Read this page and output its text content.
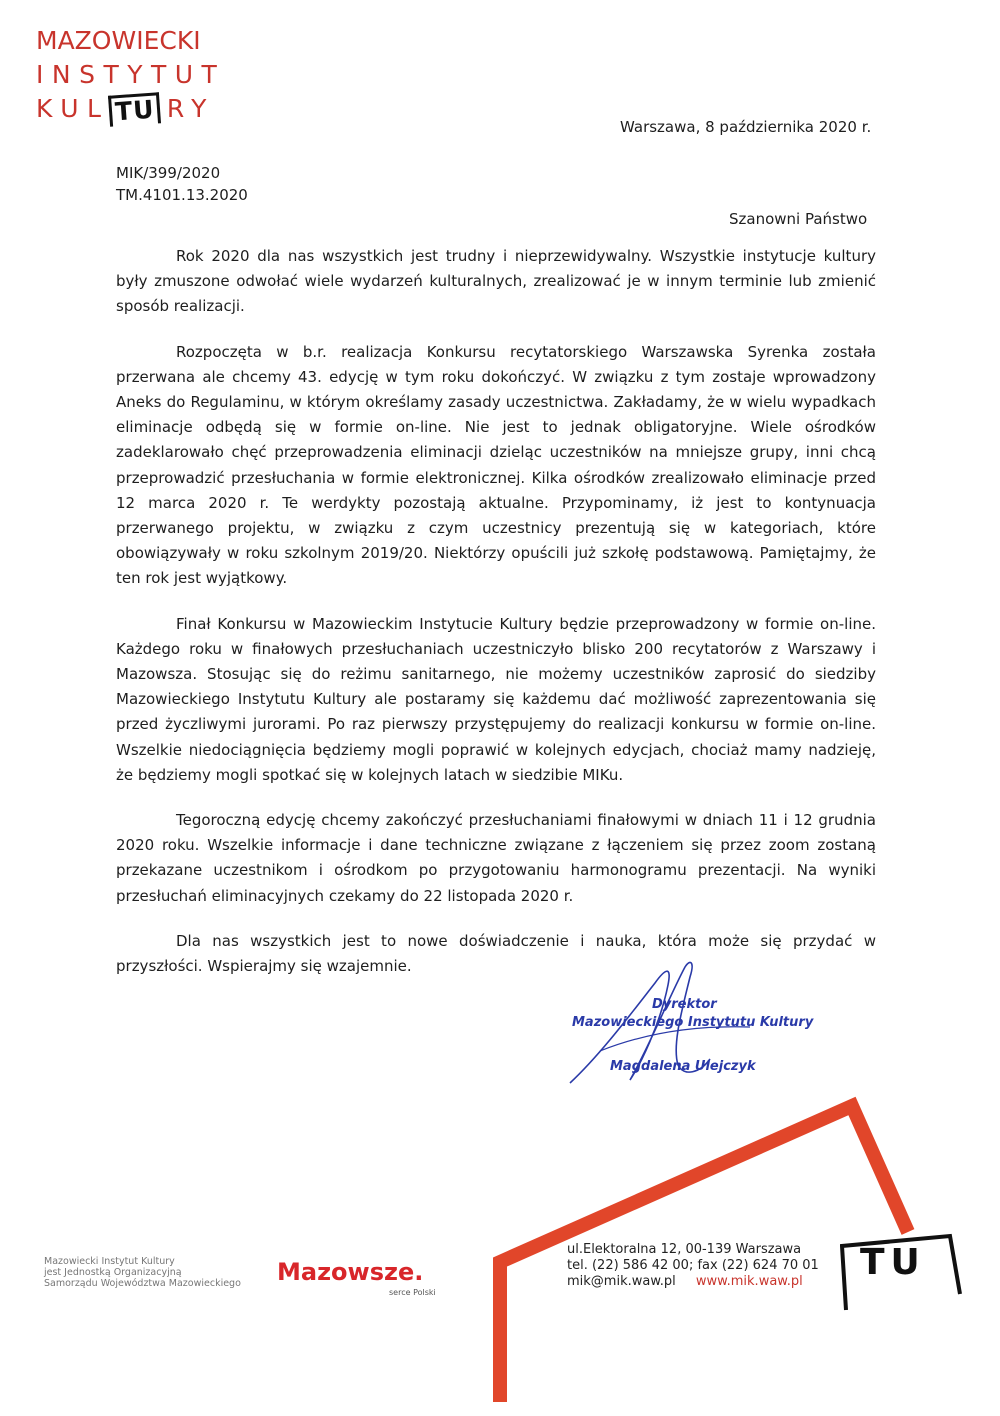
MAZOWIECKI
INSTYTUT
KUL TU RY
Warszawa, 8 października 2020 r.
MIK/399/2020
TM.4101.13.2020
Szanowni Państwo

Rok 2020 dla nas wszystkich jest trudny i nieprzewidywalny. Wszystkie instytucje kultury były zmuszone odwołać wiele wydarzeń kulturalnych, zrealizować je w innym terminie lub zmienić sposób realizacji.

Rozpoczęta w b.r. realizacja Konkursu recytatorskiego Warszawska Syrenka została przerwana ale chcemy 43. edycję w tym roku dokończyć. W związku z tym zostaje wprowadzony Aneks do Regulaminu, w którym określamy zasady uczestnictwa. Zakładamy, że w wielu wypadkach eliminacje odbędą się w formie on-line. Nie jest to jednak obligatoryjne. Wiele ośrodków zadeklarowało chęć przeprowadzenia eliminacji dzieląc uczestników na mniejsze grupy, inni chcą przeprowadzić przesłuchania w formie elektronicznej. Kilka ośrodków zrealizowało eliminacje przed 12 marca 2020 r. Te werdykty pozostają aktualne. Przypominamy, iż jest to kontynuacja przerwanego projektu, w związku z czym uczestnicy prezentują się w kategoriach, które obowiązywały w roku szkolnym 2019/20. Niektórzy opuścili już szkołę podstawową. Pamiętajmy, że ten rok jest wyjątkowy.

Finał Konkursu w Mazowieckim Instytucie Kultury będzie przeprowadzony w formie on-line. Każdego roku w finałowych przesłuchaniach uczestniczyło blisko 200 recytatorów z Warszawy i Mazowsza. Stosując się do reżimu sanitarnego, nie możemy uczestników zaprosić do siedziby Mazowieckiego Instytutu Kultury ale postaramy się każdemu dać możliwość zaprezentowania się przed życzliwymi jurorami. Po raz pierwszy przystępujemy do realizacji konkursu w formie on-line. Wszelkie niedociągnięcia będziemy mogli poprawić w kolejnych edycjach, chociaż mamy nadzieję, że będziemy mogli spotkać się w kolejnych latach w siedzibie MIKu.

Tegoroczną edycję chcemy zakończyć przesłuchaniami finałowymi w dniach 11 i 12 grudnia 2020 roku. Wszelkie informacje i dane techniczne związane z łączeniem się przez zoom zostaną przekazane uczestnikom i ośrodkom po przygotowaniu harmonogramu prezentacji. Na wyniki przesłuchań eliminacyjnych czekamy do 22 listopada 2020 r.

Dla nas wszystkich jest to nowe doświadczenie i nauka, która może się przydać w przyszłości. Wspierajmy się wzajemnie.

Dyrektor
Mazowieckiego Instytutu Kultury
Magdalena Ulejczyk
Mazowiecki Instytut Kultury
jest Jednostką Organizacyjną
Samorządu Województwa Mazowieckiego Mazowsze.
serce Polski
ul.Elektoralna 12, 00-139 Warszawa
tel. (22) 586 42 00; fax (22) 624 70 01
mik@mik.waw.pl www.mik.waw.pl	TU
